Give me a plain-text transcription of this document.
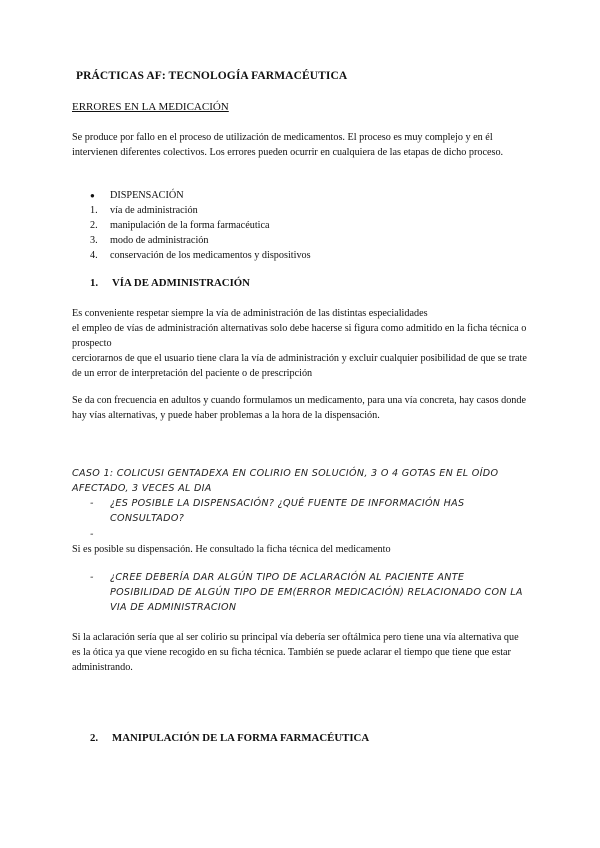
PRÁCTICAS AF: TECNOLOGÍA FARMACÉUTICA
ERRORES EN LA MEDICACIÓN

Se produce por fallo en el proceso de utilización de medicamentos. El proceso es muy complejo y en él intervienen diferentes colectivos. Los errores pueden ocurrir en cualquiera de las etapas de dicho proceso.

●	DISPENSACIÓN
1.	vía de administración
2.	manipulación de la forma farmacéutica
3.	modo de administración
4.	conservación de los medicamentos y dispositivos
1. VÍA DE ADMINISTRACIÓN
Es conveniente respetar siempre la vía de administración de las distintas especialidades
el empleo de vías de administración alternativas solo debe hacerse si figura como admitido en la ficha técnica o prospecto
cerciorarnos de que el usuario tiene clara la vía de administración y excluir cualquier posibilidad de que se trate de un error de interpretación del paciente o de prescripción

Se da con frecuencia en adultos y cuando formulamos un medicamento, para una vía concreta, hay casos donde hay vías alternativas, y puede haber problemas a la hora de la dispensación.

CASO 1: COLICUSI GENTADEXA EN COLIRIO EN SOLUCIÓN, 3 O 4 GOTAS EN EL OÍDO AFECTADO, 3 VECES AL DIA
- ¿ES POSIBLE LA DISPENSACIÓN? ¿QUÉ FUENTE DE INFORMACIÓN HAS CONSULTADO?
-

Si es posible su dispensación. He consultado la ficha técnica del medicamento

- ¿CREE DEBERÍA DAR ALGÚN TIPO DE ACLARACIÓN AL PACIENTE ANTE POSIBILIDAD DE ALGÚN TIPO DE EM(ERROR MEDICACIÓN) RELACIONADO CON LA VIA DE ADMINISTRACION

Si la aclaración sería que al ser colirio su principal vía debería ser oftálmica pero tiene una vía alternativa que es la ótica ya que viene recogido en su ficha técnica. También se puede aclarar el tiempo que tiene que estar administrando.

2. MANIPULACIÓN DE LA FORMA FARMACÉUTICA
